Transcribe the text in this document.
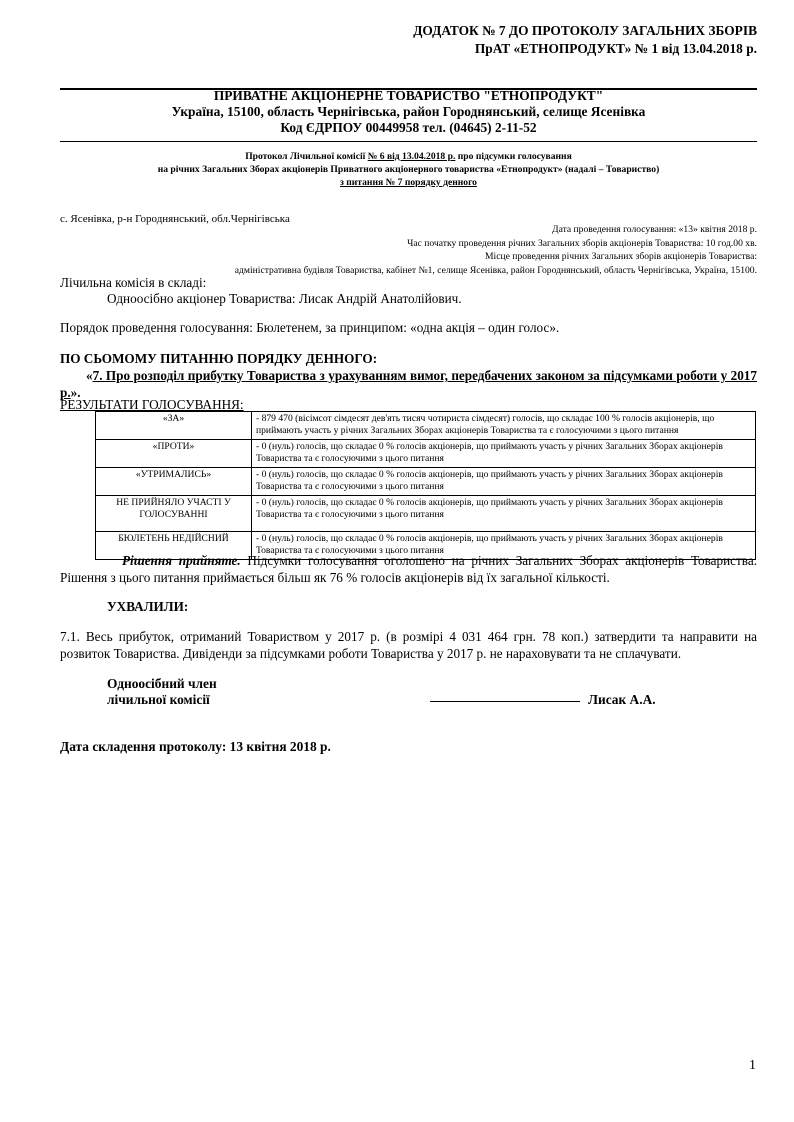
ДОДАТОК № 7 ДО ПРОТОКОЛУ ЗАГАЛЬНИХ ЗБОРІВ
ПрАТ «ЕТНОПРОДУКТ» № 1 від 13.04.2018 р.
ПРИВАТНЕ АКЦІОНЕРНЕ ТОВАРИСТВО "ЕТНОПРОДУКТ"
Україна, 15100, область Чернігівська, район Городнянський, селище Ясенівка
Код ЄДРПОУ 00449958 тел. (04645) 2-11-52
Протокол Лічильної комісії № 6 від 13.04.2018 р. про підсумки голосування
на річних Загальних Зборах акціонерів Приватного акціонерного товариства «Етнопродукт» (надалі – Товариство)
з питання № 7 порядку денного
с. Ясенівка, р-н Городнянський, обл.Чернігівська
Дата проведення голосування: «13» квітня 2018 р.
Час початку проведення річних Загальних зборів акціонерів Товариства: 10 год.00 хв.
Місце проведення річних Загальних зборів акціонерів Товариства:
адміністративна будівля Товариства, кабінет №1, селище Ясенівка, район Городнянський, область Чернігівська, Україна, 15100.
Лічильна комісія в складі:
Одноосібно акціонер Товариства: Лисак Андрій Анатолійович.
Порядок проведення голосування: Бюлетенем, за принципом: «одна акція – один голос».

ПО СЬОМОМУ ПИТАННЮ ПОРЯДКУ ДЕННОГО:

«7. Про розподіл прибутку Товариства з урахуванням вимог, передбачених законом за підсумками роботи у 2017 р.».

РЕЗУЛЬТАТИ ГОЛОСУВАННЯ:
«ЗА»	- 879 470 (вісімсот сімдесят дев'ять тисяч чотириста сімдесят) голосів, що складає 100 % голосів акціонерів, що приймають участь у річних Загальних Зборах акціонерів Товариства та є голосуючими з цього питання
«ПРОТИ»	- 0 (нуль) голосів, що складає 0 % голосів акціонерів, що приймають участь у річних Загальних Зборах акціонерів Товариства та є голосуючими з цього питання
«УТРИМАЛИСЬ»	- 0 (нуль) голосів, що складає 0 % голосів акціонерів, що приймають участь у річних Загальних Зборах акціонерів Товариства та є голосуючими з цього питання
НЕ ПРИЙНЯЛО УЧАСТІ У ГОЛОСУВАННІ	- 0 (нуль) голосів, що складає 0 % голосів акціонерів, що приймають участь у річних Загальних Зборах акціонерів Товариства та є голосуючими з цього питання
БЮЛЕТЕНЬ НЕДІЙСНИЙ	- 0 (нуль) голосів, що складає 0 % голосів акціонерів, що приймають участь у річних Загальних Зборах акціонерів Товариства та є голосуючими з цього питання

Рішення прийняте. Підсумки голосування оголошено на річних Загальних Зборах акціонерів Товариства. Рішення з цього питання приймається більш як 76 % голосів акціонерів від їх загальної кількості.

УХВАЛИЛИ:
7.1. Весь прибуток, отриманий Товариством у 2017 р. (в розмірі 4 031 464 грн. 78 коп.) затвердити та направити на розвиток Товариства. Дивіденди за підсумками роботи Товариства у 2017 р. не нараховувати та не сплачувати.
Одноосібний член
лічильної комісії	Лисак А.А.
Дата складення протоколу: 13 квітня 2018 р.
1
